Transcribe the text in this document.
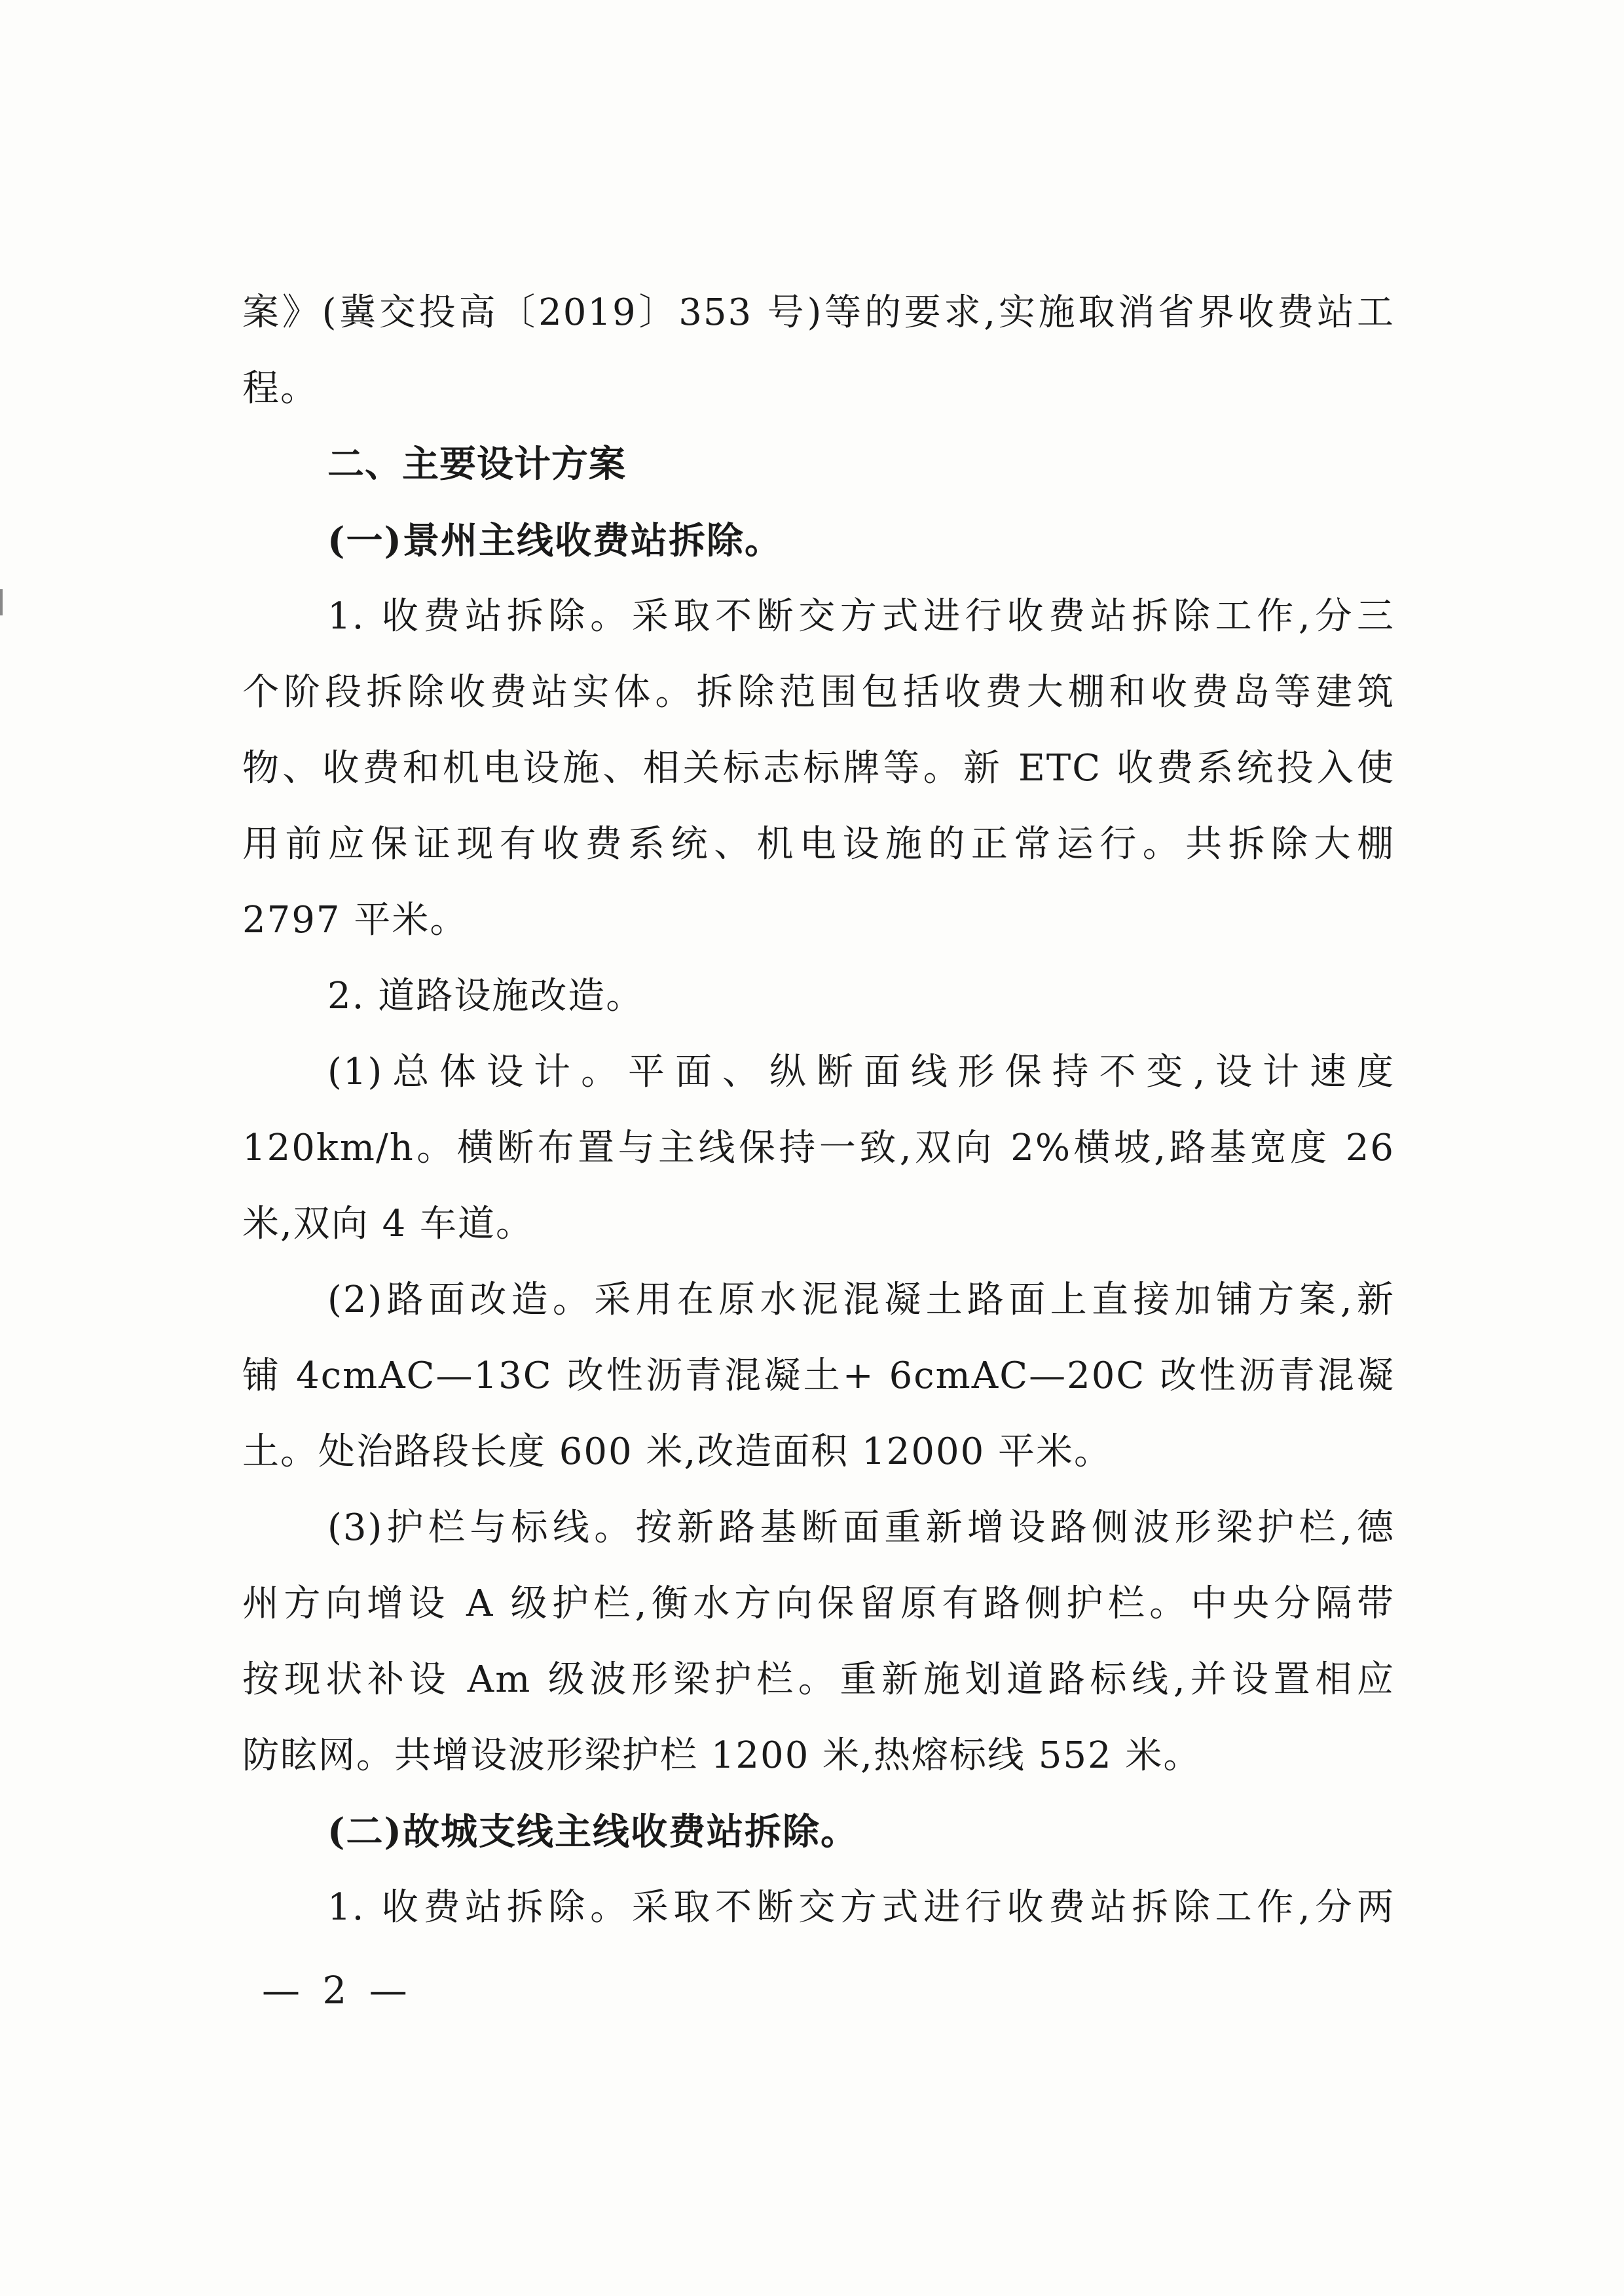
案》(冀交投高〔2019〕353 号)等的要求,实施取消省界收费站工
程。
二、主要设计方案
(一)景州主线收费站拆除。
1. 收费站拆除。采取不断交方式进行收费站拆除工作,分三
个阶段拆除收费站实体。拆除范围包括收费大棚和收费岛等建筑
物、收费和机电设施、相关标志标牌等。新 ETC 收费系统投入使
用前应保证现有收费系统、机电设施的正常运行。共拆除大棚
2797 平米。
2. 道路设施改造。
(1)总体设计。平面、纵断面线形保持不变,设计速度
120km/h。横断布置与主线保持一致,双向 2%横坡,路基宽度 26
米,双向 4 车道。
(2)路面改造。采用在原水泥混凝土路面上直接加铺方案,新
铺 4cmAC—13C 改性沥青混凝土+ 6cmAC—20C 改性沥青混凝
土。处治路段长度 600 米,改造面积 12000 平米。
(3)护栏与标线。按新路基断面重新增设路侧波形梁护栏,德
州方向增设 A 级护栏,衡水方向保留原有路侧护栏。中央分隔带
按现状补设 Am 级波形梁护栏。重新施划道路标线,并设置相应
防眩网。共增设波形梁护栏 1200 米,热熔标线 552 米。
(二)故城支线主线收费站拆除。
1. 收费站拆除。采取不断交方式进行收费站拆除工作,分两
— 2 —
